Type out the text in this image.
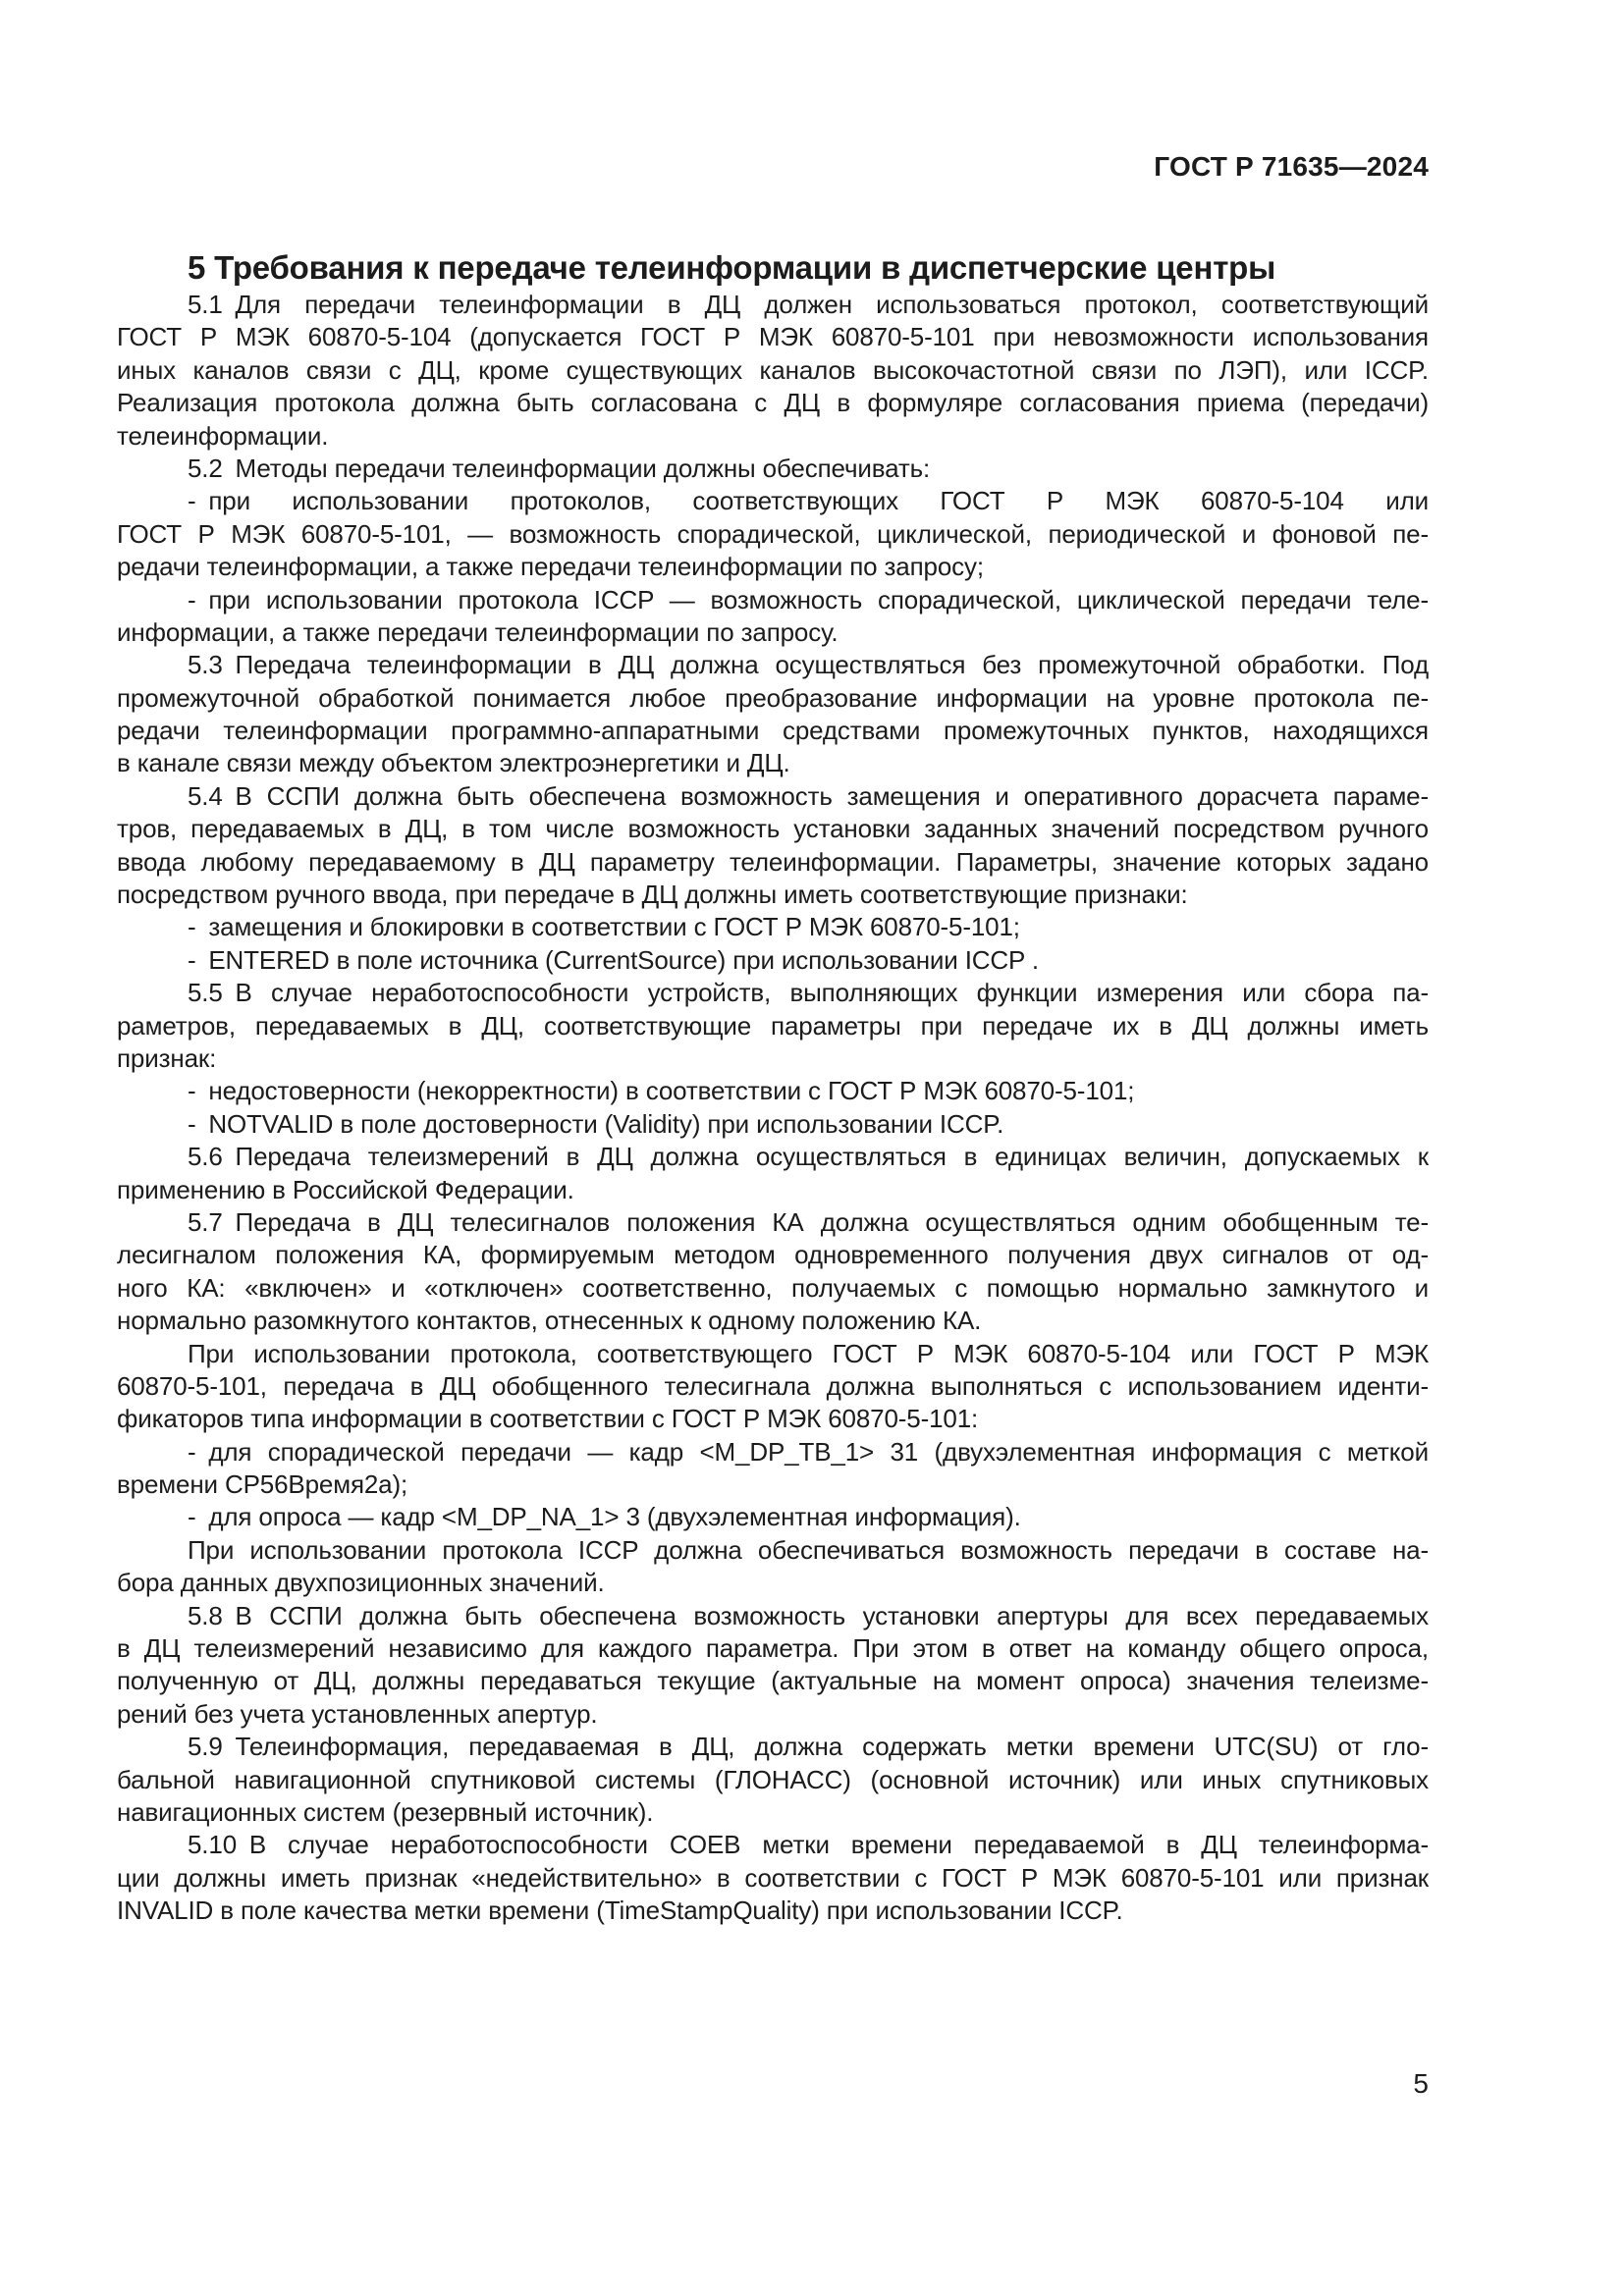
ГОСТ Р 71635—2024
5 Требования к передаче телеинформации в диспетчерские центры
5.1 Для передачи телеинформации в ДЦ должен использоваться протокол, соответствующий
ГОСТ Р МЭК 60870-5-104 (допускается ГОСТ Р МЭК 60870-5-101 при невозможности использования
иных каналов связи с ДЦ, кроме существующих каналов высокочастотной связи по ЛЭП), или ICCP.
Реализация протокола должна быть согласована с ДЦ в формуляре согласования приема (передачи)
телеинформации.
5.2 Методы передачи телеинформации должны обеспечивать:
- при использовании протоколов, соответствующих ГОСТ Р МЭК 60870-5-104 или
ГОСТ Р МЭК 60870-5-101, — возможность спорадической, циклической, периодической и фоновой пе-
редачи телеинформации, а также передачи телеинформации по запросу;
- при использовании протокола ICCP — возможность спорадической, циклической передачи теле-
информации, а также передачи телеинформации по запросу.
5.3 Передача телеинформации в ДЦ должна осуществляться без промежуточной обработки. Под
промежуточной обработкой понимается любое преобразование информации на уровне протокола пе-
редачи телеинформации программно-аппаратными средствами промежуточных пунктов, находящихся
в канале связи между объектом электроэнергетики и ДЦ.
5.4 В ССПИ должна быть обеспечена возможность замещения и оперативного дорасчета параме-
тров, передаваемых в ДЦ, в том числе возможность установки заданных значений посредством ручного
ввода любому передаваемому в ДЦ параметру телеинформации. Параметры, значение которых задано
посредством ручного ввода, при передаче в ДЦ должны иметь соответствующие признаки:
- замещения и блокировки в соответствии с ГОСТ Р МЭК 60870-5-101;
- ENTERED в поле источника (CurrentSource) при использовании ICCP .
5.5 В случае неработоспособности устройств, выполняющих функции измерения или сбора па-
раметров, передаваемых в ДЦ, соответствующие параметры при передаче их в ДЦ должны иметь
признак:
- недостоверности (некорректности) в соответствии с ГОСТ Р МЭК 60870-5-101;
- NOTVALID в поле достоверности (Validity) при использовании ICCP.
5.6 Передача телеизмерений в ДЦ должна осуществляться в единицах величин, допускаемых к
применению в Российской Федерации.
5.7 Передача в ДЦ телесигналов положения КА должна осуществляться одним обобщенным те-
лесигналом положения КА, формируемым методом одновременного получения двух сигналов от од-
ного КА: «включен» и «отключен» соответственно, получаемых с помощью нормально замкнутого и
нормально разомкнутого контактов, отнесенных к одному положению КА.
При использовании протокола, соответствующего ГОСТ Р МЭК 60870-5-104 или ГОСТ Р МЭК
60870-5-101, передача в ДЦ обобщенного телесигнала должна выполняться с использованием иденти-
фикаторов типа информации в соответствии с ГОСТ Р МЭК 60870-5-101:
- для спорадической передачи — кадр <M_DP_TB_1> 31 (двухэлементная информация с меткой
времени CP56Время2а);
- для опроса — кадр <M_DP_NA_1> 3 (двухэлементная информация).
При использовании протокола ICCP должна обеспечиваться возможность передачи в составе на-
бора данных двухпозиционных значений.
5.8 В ССПИ должна быть обеспечена возможность установки апертуры для всех передаваемых
в ДЦ телеизмерений независимо для каждого параметра. При этом в ответ на команду общего опроса,
полученную от ДЦ, должны передаваться текущие (актуальные на момент опроса) значения телеизме-
рений без учета установленных апертур.
5.9 Телеинформация, передаваемая в ДЦ, должна содержать метки времени UTC(SU) от гло-
бальной навигационной спутниковой системы (ГЛОНАСС) (основной источник) или иных спутниковых
навигационных систем (резервный источник).
5.10 В случае неработоспособности СОЕВ метки времени передаваемой в ДЦ телеинформа-
ции должны иметь признак «недействительно» в соответствии с ГОСТ Р МЭК 60870-5-101 или признак
INVALID в поле качества метки времени (TimeStampQuality) при использовании ICCP.
5
